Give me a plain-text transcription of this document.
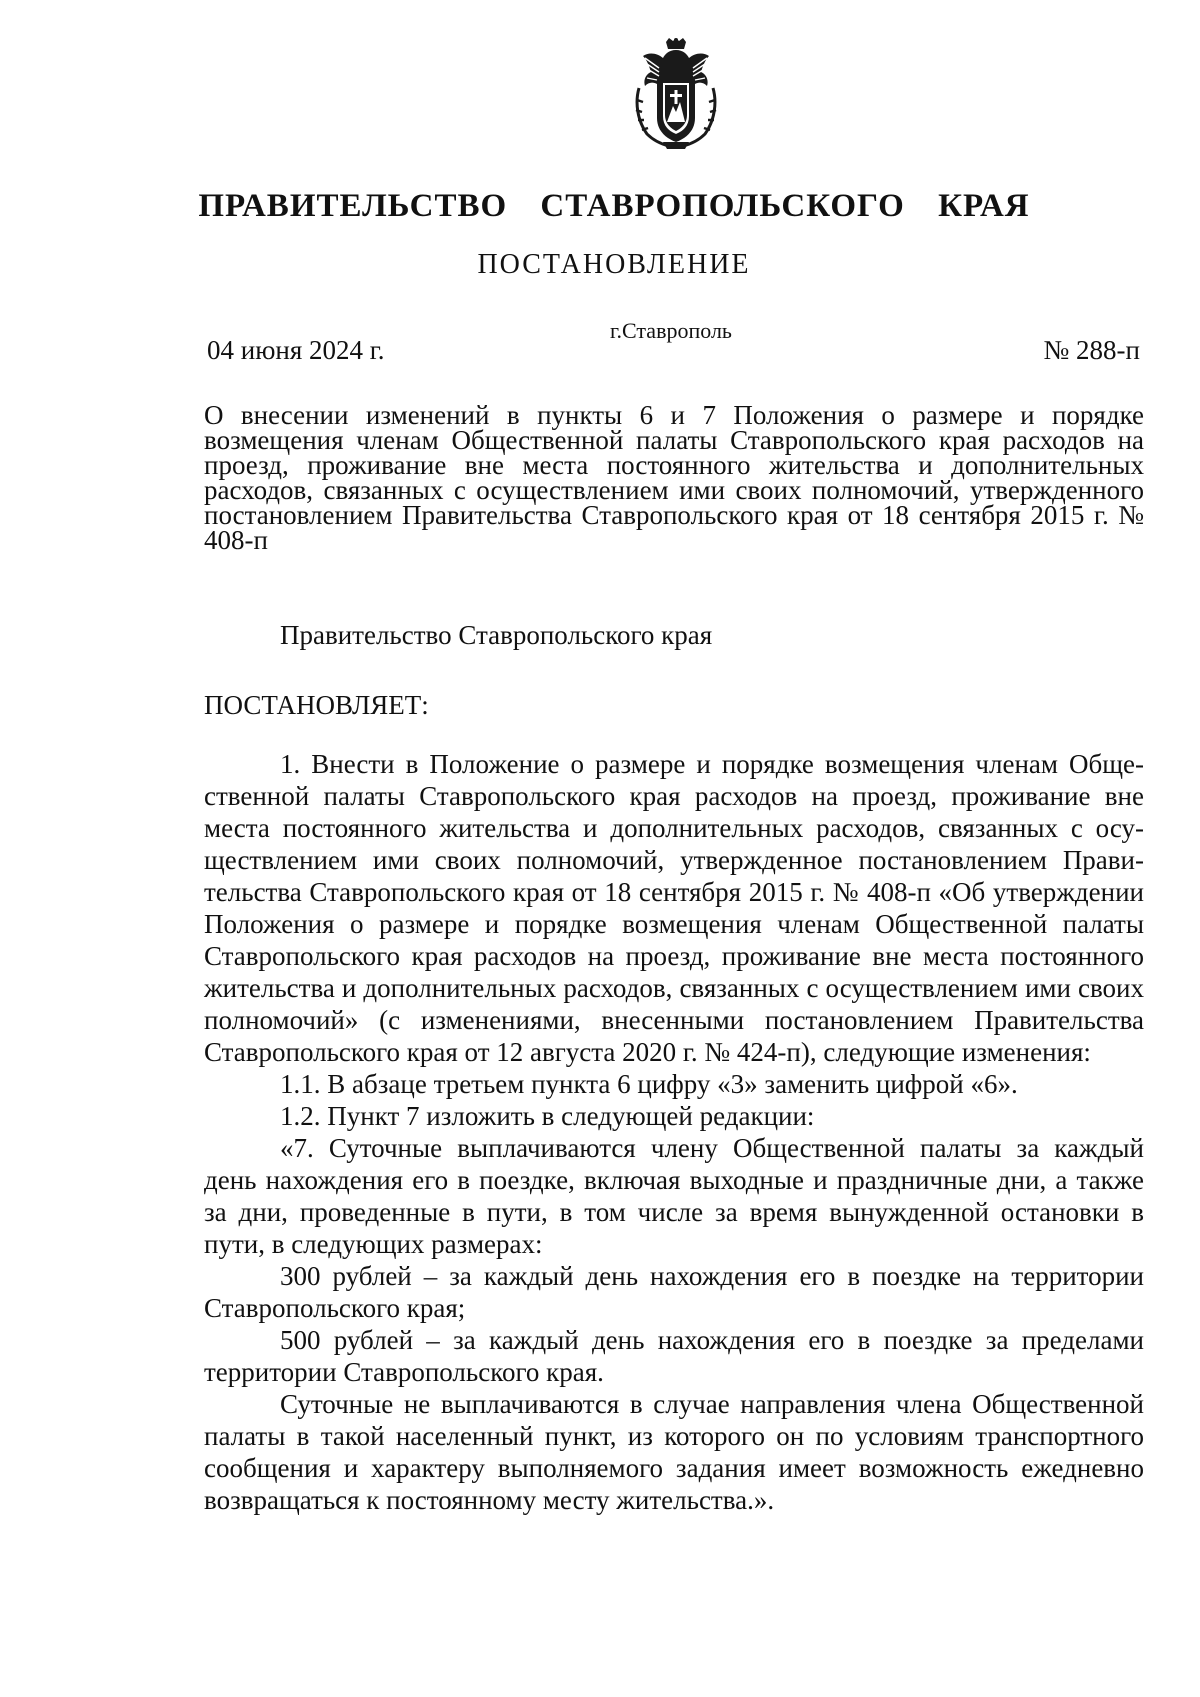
ПРАВИТЕЛЬСТВО СТАВРОПОЛЬСКОГО КРАЯ
ПОСТАНОВЛЕНИЕ
04 июня 2024 г.
г.Ставрополь
№ 288-п
О внесении изменений в пункты 6 и 7 Положения о размере и порядке возмещения членам Общественной палаты Ставропольского края расходов на проезд, проживание вне места постоянного жительства и дополнительных расходов, связанных с осуществлением ими своих полномочий, утвержденного постановлением Правительства Ставропольского края от 18 сентября 2015 г. № 408-п
Правительство Ставропольского края
ПОСТАНОВЛЯЕТ:

1. Внести в Положение о размере и порядке возмещения членам Общественной палаты Ставропольского края расходов на проезд, проживание вне места постоянного жительства и дополнительных расходов, связанных с осуществлением ими своих полномочий, утвержденное постановлением Правительства Ставропольского края от 18 сентября 2015 г. № 408-п «Об утверждении Положения о размере и порядке возмещения членам Общественной палаты Ставропольского края расходов на проезд, проживание вне места постоянного жительства и дополнительных расходов, связанных с осуществлением ими своих полномочий» (с изменениями, внесенными постановлением Правительства Ставропольского края от 12 августа 2020 г. № 424-п), следующие изменения:

1.1. В абзаце третьем пункта 6 цифру «3» заменить цифрой «6».

1.2. Пункт 7 изложить в следующей редакции:

«7. Суточные выплачиваются члену Общественной палаты за каждый день нахождения его в поездке, включая выходные и праздничные дни, а также за дни, проведенные в пути, в том числе за время вынужденной остановки в пути, в следующих размерах:

300 рублей – за каждый день нахождения его в поездке на территории Ставропольского края;

500 рублей – за каждый день нахождения его в поездке за пределами территории Ставропольского края.

Суточные не выплачиваются в случае направления члена Общественной палаты в такой населенный пункт, из которого он по условиям транспортного сообщения и характеру выполняемого задания имеет возможность ежедневно возвращаться к постоянному месту жительства.».
